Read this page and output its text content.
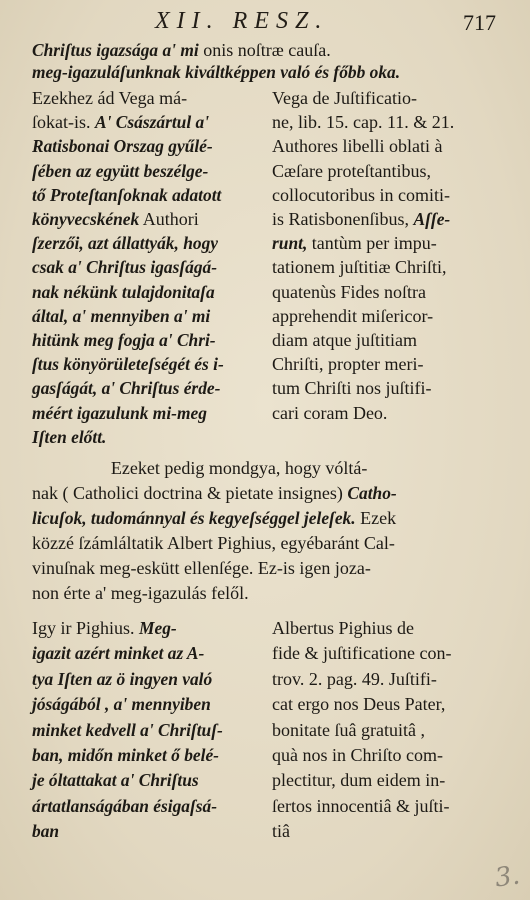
XII. RESZ.	717
Chriſtus igazsága a' mi onis noſtræ cauſa.
meg-igazuláſunknak kiváltképpen való és főbb oka.
Ezekhez ád Vega má-
ſokat-is. A' Császártul a'
Ratisbonai Orszag gyűlé-
ſében az együtt beszélge-
tő Proteſtanſoknak adatott
könyvecskének Authori
ſzerzői, azt állattyák, hogy
csak a' Chriſtus igasſágá-
nak nékünk tulajdonitaſa
által, a' mennyiben a' mi
hitünk meg fogja a' Chri-
ſtus könyörületeſségét és i-
gasſágát, a' Chriſtus érde-
méért igazulunk mi-meg
Iſten előtt.
Vega de Juſtificatio-
ne, lib. 15. cap. 11. & 21.
Authores libelli oblati à
Cæſare proteſtantibus,
collocutoribus in comiti-
is Ratisbonenſibus, Aſſe-
runt, tantùm per impu-
tationem juſtitiæ Chriſti,
quatenùs Fides noſtra
apprehendit miſericor-
diam atque juſtitiam
Chriſti, propter meri-
tum Chriſti nos juſtifi-
cari coram Deo.
Ezeket pedig mondgya, hogy vóltá-
nak ( Catholici doctrina & pietate insignes) Catho-
licuſok, tudománnyal és kegyeſséggel jeleſek. Ezek
közzé ſzámláltatik Albert Pighius, egyébaránt Cal-
vinuſnak meg-eskütt ellenſége. Ez-is igen joza-
non érte a' meg-igazulás felől.
Igy ir Pighius. Meg-
igazit azért minket az A-
tya Iſten az ö ingyen való
jóságából , a' mennyiben
minket kedvell a' Chriſtuſ-
ban, midőn minket ő belé-
je óltattakat a' Chriſtus
ártatlanságában ésigaſsá-
ban
Albertus Pighius de
fide & juſtificatione con-
trov. 2. pag. 49. Juſtifi-
cat ergo nos Deus Pater,
bonitate ſuâ gratuitâ ,
quà nos in Chriſto com-
plectitur, dum eidem in-
ſertos innocentiâ & juſti-
tiâ
3.
